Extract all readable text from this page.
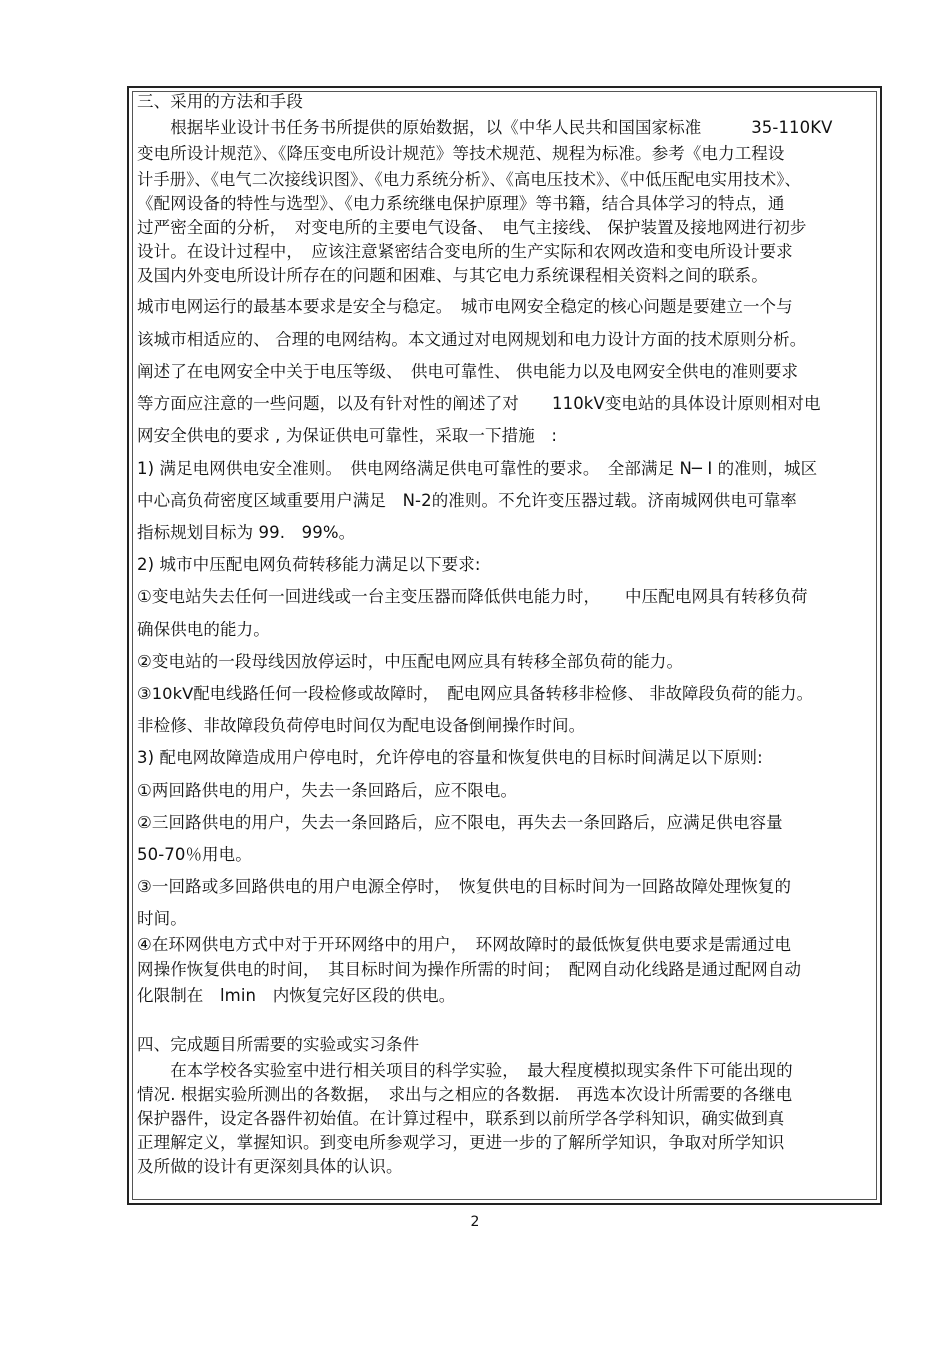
三、采用的方法和手段
　　根据毕业设计书任务书所提供的原始数据，以《中华人民共和国国家标准　　　35-110KV
变电所设计规范》、《降压变电所设计规范》等技术规范、规程为标准。参考《电力工程设
计手册》、《电气二次接线识图》、《电力系统分析》、《高电压技术》、《中低压配电实用技术》、
《配网设备的特性与选型》、《电力系统继电保护原理》等书籍，结合具体学习的特点，通
过严密全面的分析，　对变电所的主要电气设备、　电气主接线、 保护装置及接地网进行初步
设计。在设计过程中，　应该注意紧密结合变电所的生产实际和农网改造和变电所设计要求
及国内外变电所设计所存在的问题和困难、与其它电力系统课程相关资料之间的联系。
城市电网运行的最基本要求是安全与稳定。　城市电网安全稳定的核心问题是要建立一个与
该城市相适应的、 合理的电网结构。本文通过对电网规划和电力设计方面的技术原则分析。
阐述了在电网安全中关于电压等级、　供电可靠性、 供电能力以及电网安全供电的准则要求
等方面应注意的一些问题，以及有针对性的阐述了对　　110kV变电站的具体设计原则相对电
网安全供电的要求 , 为保证供电可靠性，采取一下措施　:
1) 满足电网供电安全准则。　供电网络满足供电可靠性的要求。　全部满足 N─ I 的准则，城区
中心高负荷密度区域重要用户满足　N-2的准则。不允许变压器过载。济南城网供电可靠率
指标规划目标为 99.　99%。
2) 城市中压配电网负荷转移能力满足以下要求:
①变电站失去任何一回进线或一台主变压器而降低供电能力时，　　中压配电网具有转移负荷
确保供电的能力。
②变电站的一段母线因放停运时，中压配电网应具有转移全部负荷的能力。
③10kV配电线路任何一段检修或故障时，　配电网应具备转移非检修、 非故障段负荷的能力。
非检修、非故障段负荷停电时间仅为配电设备倒闸操作时间。
3) 配电网故障造成用户停电时，允许停电的容量和恢复供电的目标时间满足以下原则:
①两回路供电的用户，失去一条回路后，应不限电。
②三回路供电的用户，失去一条回路后，应不限电，再失去一条回路后，应满足供电容量
50-70％用电。
③一回路或多回路供电的用户电源全停时，　恢复供电的目标时间为一回路故障处理恢复的
时间。
④在环网供电方式中对于开环网络中的用户，　环网故障时的最低恢复供电要求是需通过电
网操作恢复供电的时间，　其目标时间为操作所需的时间；　配网自动化线路是通过配网自动
化限制在　lmin　内恢复完好区段的供电。
四、完成题目所需要的实验或实习条件
　　在本学校各实验室中进行相关项目的科学实验，　最大程度模拟现实条件下可能出现的
情况. 根据实验所测出的各数据，　求出与之相应的各数据.　再选本次设计所需要的各继电
保护器件，设定各器件初始值。在计算过程中，联系到以前所学各学科知识，确实做到真
正理解定义，掌握知识。到变电所参观学习，更进一步的了解所学知识，争取对所学知识
及所做的设计有更深刻具体的认识。
2
